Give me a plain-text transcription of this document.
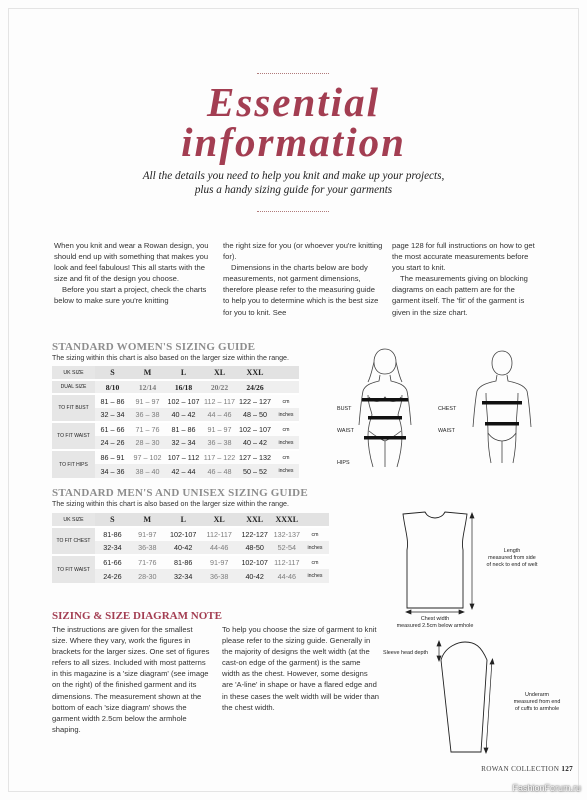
Essential
information
All the details you need to help you knit and make up your projects,
plus a handy sizing guide for your garments

When you knit and wear a Rowan design, you should end up with something that makes you look and feel fabulous! This all starts with the size and fit of the design you choose.

Before you start a project, check the charts below to make sure you're knitting

the right size for you (or whoever you're knitting for).

Dimensions in the charts below are body measurements, not garment dimensions, therefore please refer to the measuring guide to help you to determine which is the best size for you to knit. See

page 128 for full instructions on how to get the most accurate measurements before you start to knit.

The measurements giving on blocking diagrams on each pattern are for the garment itself. The 'fit' of the garment is given in the size chart.

STANDARD WOMEN'S SIZING GUIDE
The sizing within this chart is also based on the larger size within the range.
UK SIZE	S	M	L	XL	XXL	
DUAL SIZE	8/10	12/14	16/18	20/22	24/26	
TO FIT BUST	81 – 86	91 – 97	102 – 107	112 – 117	122 – 127	cm
	32 – 34	36 – 38	40 – 42	44 – 46	48 – 50	inches
TO FIT WAIST	61 – 66	71 – 76	81 – 86	91 – 97	102 – 107	cm
	24 – 26	28 – 30	32 – 34	36 – 38	40 – 42	inches
TO FIT HIPS	86 – 91	97 – 102	107 – 112	117 – 122	127 – 132	cm
	34 – 36	38 – 40	42 – 44	46 – 48	50 – 52	inches
BUST
WAIST
HIPS
CHEST
WAIST
STANDARD MEN'S AND UNISEX SIZING GUIDE
The sizing within this chart is also based on the larger size within the range.
UK SIZE	S	M	L	XL	XXL	XXXL	
TO FIT CHEST	81-86	91-97	102-107	112-117	122-127	132-137	cm
	32-34	36-38	40-42	44-46	48-50	52-54	inches
TO FIT WAIST	61-66	71-76	81-86	91-97	102-107	112-117	cm
	24-26	28-30	32-34	36-38	40-42	44-46	inches
Length
measured from side
of neck to end of welt
Chest width
measured 2.5cm below armhole
Sleeve head depth
Underarm
measured from end
of cuffs to armhole
SIZING & SIZE DIAGRAM NOTE
The instructions are given for the smallest size. Where they vary, work the figures in brackets for the larger sizes. One set of figures refers to all sizes. Included with most patterns in this magazine is a 'size diagram' (see image on the right) of the finished garment and its dimensions. The measurement shown at the bottom of each 'size diagram' shows the garment width 2.5cm below the armhole shaping.
To help you choose the size of garment to knit please refer to the sizing guide. Generally in the majority of designs the welt width (at the cast-on edge of the garment) is the same width as the chest. However, some designs are 'A-line' in shape or have a flared edge and in these cases the welt width will be wider than the chest width.
ROWAN COLLECTION 127
FashionForum.ru
